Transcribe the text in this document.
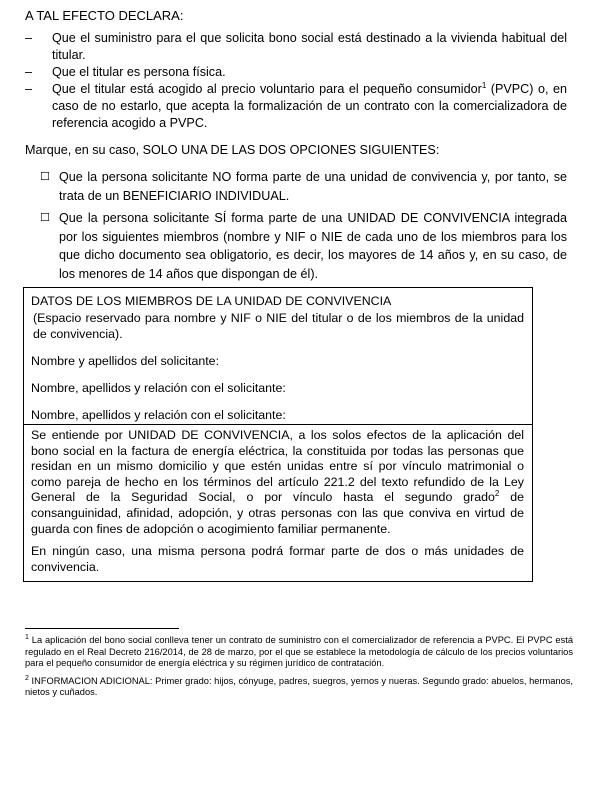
A TAL EFECTO DECLARA:
– Que el suministro para el que solicita bono social está destinado a la vivienda habitual del titular.
– Que el titular es persona física.
– Que el titular está acogido al precio voluntario para el pequeño consumidor$^1$ (PVPC) o, en caso de no estarlo, que acepta la formalización de un contrato con la comercializadora de referencia acogido a PVPC.
Marque, en su caso, SOLO UNA DE LAS DOS OPCIONES SIGUIENTES:
☐ Que la persona solicitante NO forma parte de una unidad de convivencia y, por tanto, se trata de un BENEFICIARIO INDIVIDUAL.
☐ Que la persona solicitante SÍ forma parte de una UNIDAD DE CONVIVENCIA integrada por los siguientes miembros (nombre y NIF o NIE de cada uno de los miembros para los que dicho documento sea obligatorio, es decir, los mayores de 14 años y, en su caso, de los menores de 14 años que dispongan de él).
DATOS DE LOS MIEMBROS DE LA UNIDAD DE CONVIVENCIA
(Espacio reservado para nombre y NIF o NIE del titular o de los miembros de la unidad de convivencia).
Nombre y apellidos del solicitante:
Nombre, apellidos y relación con el solicitante:
Nombre, apellidos y relación con el solicitante:

Se entiende por UNIDAD DE CONVIVENCIA, a los solos efectos de la aplicación del bono social en la factura de energía eléctrica, la constituida por todas las personas que residan en un mismo domicilio y que estén unidas entre sí por vínculo matrimonial o como pareja de hecho en los términos del artículo 221.2 del texto refundido de la Ley General de la Seguridad Social, o por vínculo hasta el segundo grado$^2$ de consanguinidad, afinidad, adopción, y otras personas con las que conviva en virtud de guarda con fines de adopción o acogimiento familiar permanente.

En ningún caso, una misma persona podrá formar parte de dos o más unidades de convivencia.

$^1$ La aplicación del bono social conlleva tener un contrato de suministro con el comercializador de referencia a PVPC. El PVPC está regulado en el Real Decreto 216/2014, de 28 de marzo, por el que se establece la metodología de cálculo de los precios voluntarios para el pequeño consumidor de energía eléctrica y su régimen jurídico de contratación.
$^2$ INFORMACION ADICIONAL: Primer grado: hijos, cónyuge, padres, suegros, yernos y nueras. Segundo grado: abuelos, hermanos, nietos y cuñados.
